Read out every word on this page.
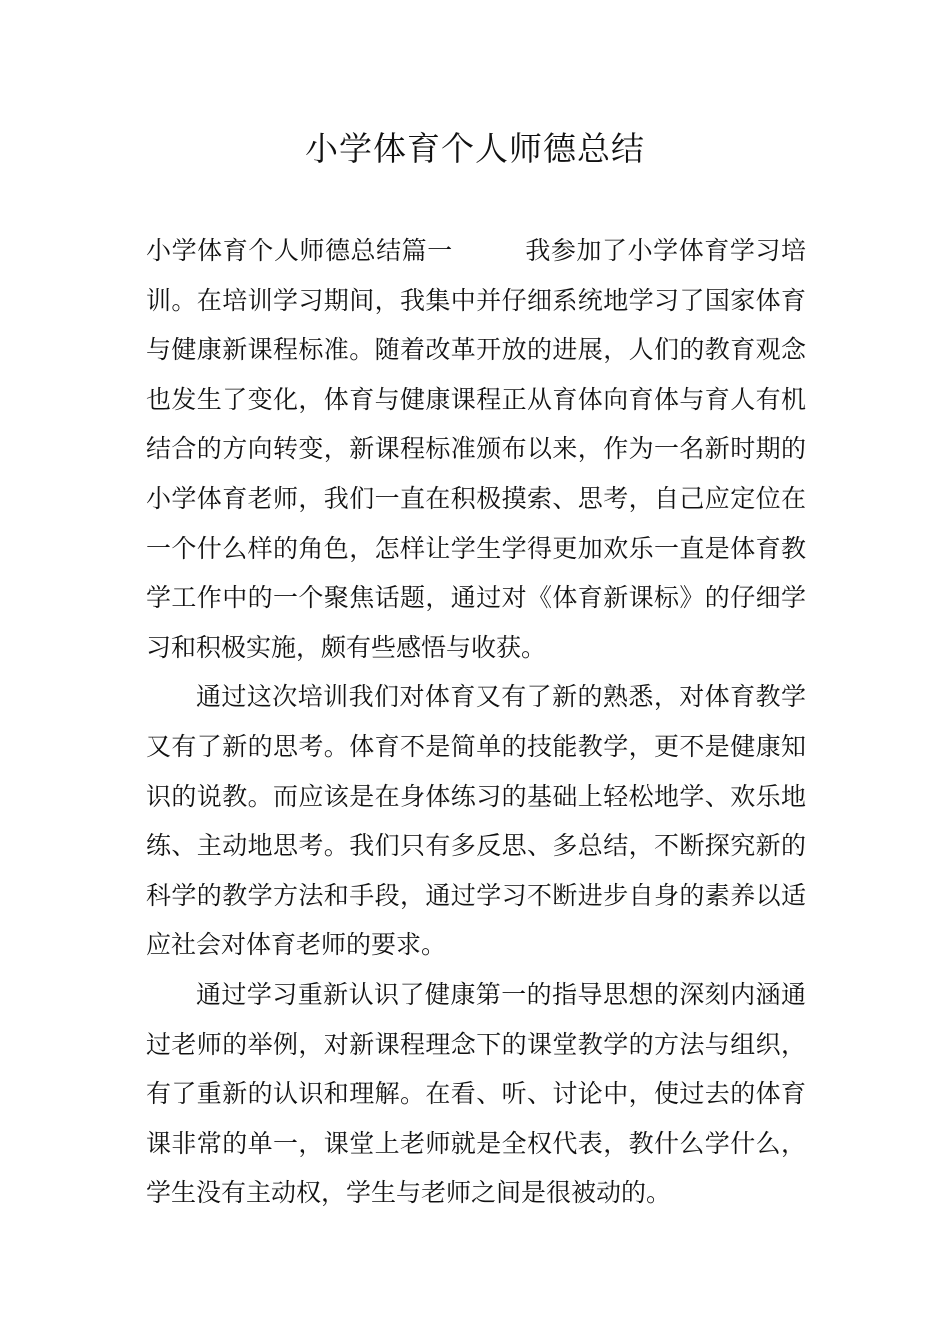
小学体育个人师德总结

小学体育个人师德总结篇一	我参加了小学体育学习培训。在培训学习期间，我集中并仔细系统地学习了国家体育与健康新课程标准。随着改革开放的进展，人们的教育观念也发生了变化，体育与健康课程正从育体向育体与育人有机结合的方向转变，新课程标准颁布以来，作为一名新时期的小学体育老师，我们一直在积极摸索、思考，自己应定位在一个什么样的角色，怎样让学生学得更加欢乐一直是体育教学工作中的一个聚焦话题，通过对《体育新课标》的仔细学习和积极实施，颇有些感悟与收获。

通过这次培训我们对体育又有了新的熟悉，对体育教学又有了新的思考。体育不是简单的技能教学，更不是健康知识的说教。而应该是在身体练习的基础上轻松地学、欢乐地练、主动地思考。我们只有多反思、多总结，不断探究新的科学的教学方法和手段，通过学习不断进步自身的素养以适应社会对体育老师的要求。

通过学习重新认识了健康第一的指导思想的深刻内涵通过老师的举例，对新课程理念下的课堂教学的方法与组织，有了重新的认识和理解。在看、听、讨论中，使过去的体育课非常的单一，课堂上老师就是全权代表，教什么学什么，学生没有主动权，学生与老师之间是很被动的。
